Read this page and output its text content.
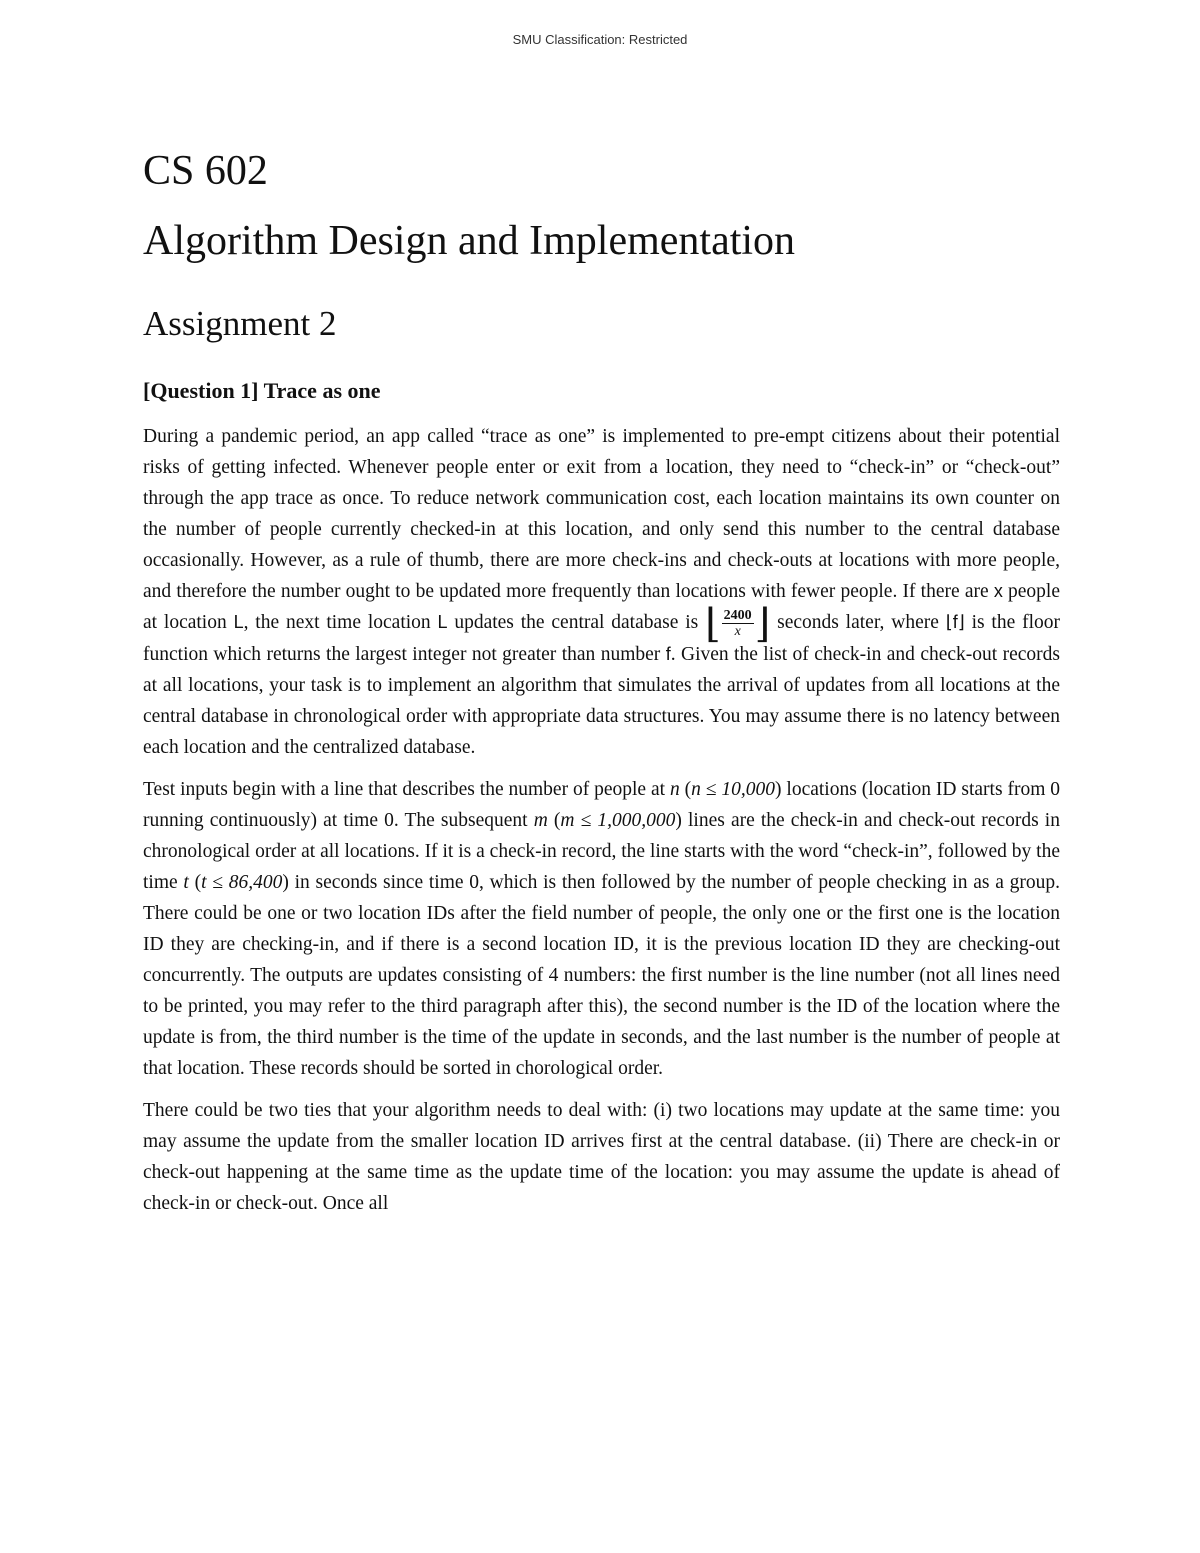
SMU Classification: Restricted
CS 602
Algorithm Design and Implementation
Assignment 2
[Question 1] Trace as one

During a pandemic period, an app called “trace as one” is implemented to pre-empt citizens about their potential risks of getting infected. Whenever people enter or exit from a location, they need to “check-in” or “check-out” through the app trace as once. To reduce network communication cost, each location maintains its own counter on the number of people currently checked-in at this location, and only send this number to the central database occasionally. However, as a rule of thumb, there are more check-ins and check-outs at locations with more people, and therefore the number ought to be updated more frequently than locations with fewer people. If there are x people at location L, the next time location L updates the central database is ⌊ $\frac{2400}{x}$ ⌋ seconds later, where ⌊f⌋ is the floor function which returns the largest integer not greater than number f. Given the list of check-in and check-out records at all locations, your task is to implement an algorithm that simulates the arrival of updates from all locations at the central database in chronological order with appropriate data structures. You may assume there is no latency between each location and the centralized database.

Test inputs begin with a line that describes the number of people at n (n ≤ 10,000) locations (location ID starts from 0 running continuously) at time 0. The subsequent m (m ≤ 1,000,000) lines are the check-in and check-out records in chronological order at all locations. If it is a check-in record, the line starts with the word “check-in”, followed by the time t (t ≤ 86,400) in seconds since time 0, which is then followed by the number of people checking in as a group. There could be one or two location IDs after the field number of people, the only one or the first one is the location ID they are checking-in, and if there is a second location ID, it is the previous location ID they are checking-out concurrently. The outputs are updates consisting of 4 numbers: the first number is the line number (not all lines need to be printed, you may refer to the third paragraph after this), the second number is the ID of the location where the update is from, the third number is the time of the update in seconds, and the last number is the number of people at that location. These records should be sorted in chorological order.

There could be two ties that your algorithm needs to deal with: (i) two locations may update at the same time: you may assume the update from the smaller location ID arrives first at the central database. (ii) There are check-in or check-out happening at the same time as the update time of the location: you may assume the update is ahead of check-in or check-out. Once all
